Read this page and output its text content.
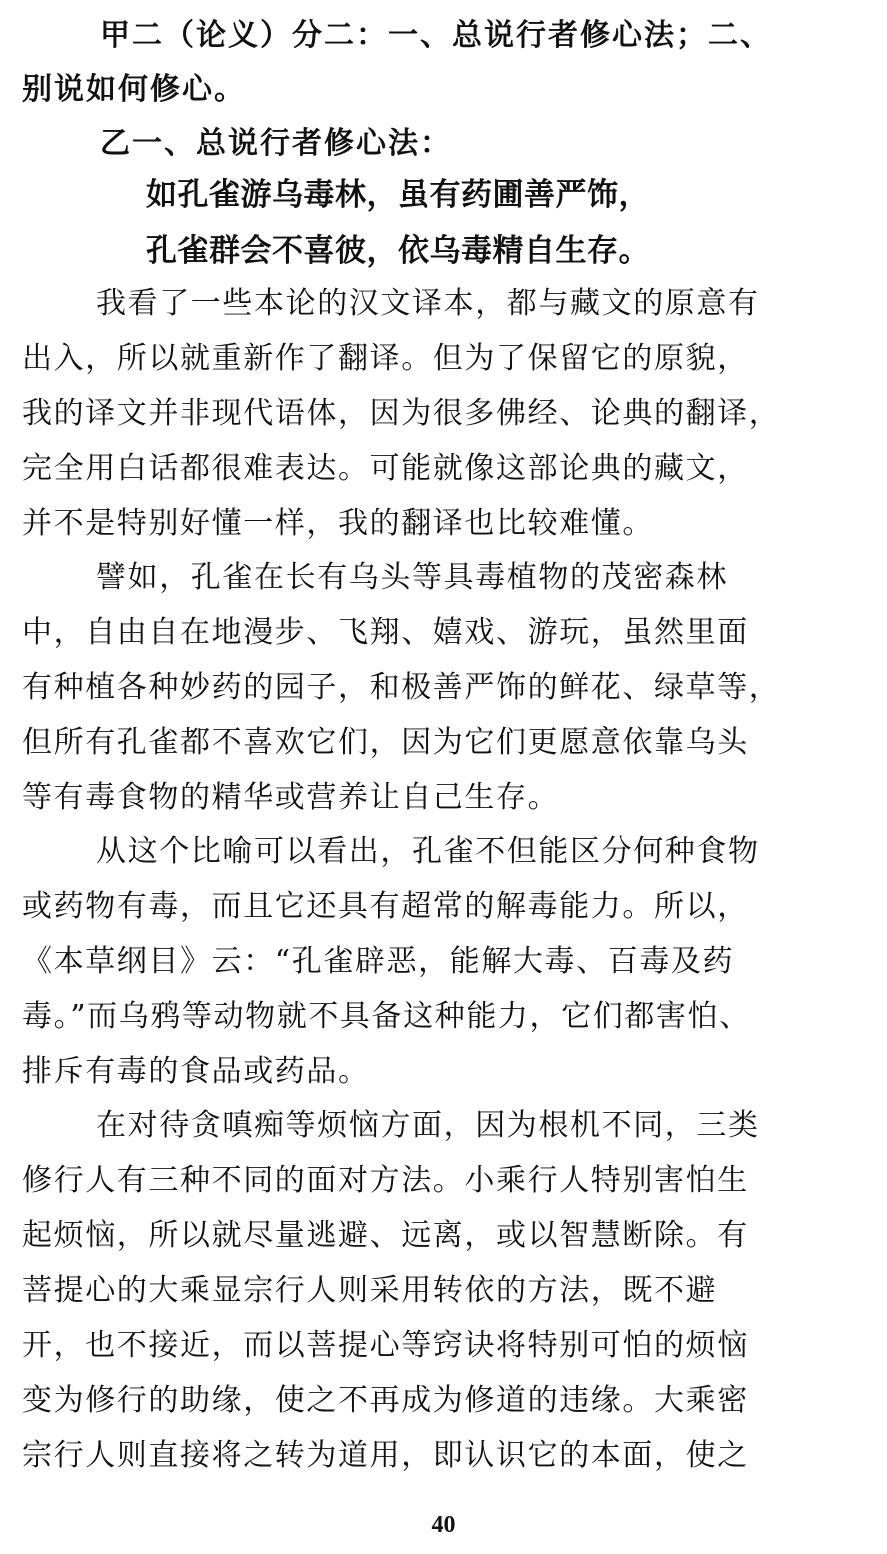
甲二（论义）分二：一、总说行者修心法；二、
别说如何修心。
乙一、总说行者修心法：
如孔雀游乌毒林，虽有药圃善严饰，
孔雀群会不喜彼，依乌毒精自生存。
我看了一些本论的汉文译本，都与藏文的原意有
出入，所以就重新作了翻译。但为了保留它的原貌，
我的译文并非现代语体，因为很多佛经、论典的翻译，
完全用白话都很难表达。可能就像这部论典的藏文，
并不是特别好懂一样，我的翻译也比较难懂。
譬如，孔雀在长有乌头等具毒植物的茂密森林
中，自由自在地漫步、飞翔、嬉戏、游玩，虽然里面
有种植各种妙药的园子，和极善严饰的鲜花、绿草等，
但所有孔雀都不喜欢它们，因为它们更愿意依靠乌头
等有毒食物的精华或营养让自己生存。
从这个比喻可以看出，孔雀不但能区分何种食物
或药物有毒，而且它还具有超常的解毒能力。所以，
《本草纲目》云：“孔雀辟恶，能解大毒、百毒及药
毒。”而乌鸦等动物就不具备这种能力，它们都害怕、
排斥有毒的食品或药品。
在对待贪嗔痴等烦恼方面，因为根机不同，三类
修行人有三种不同的面对方法。小乘行人特别害怕生
起烦恼，所以就尽量逃避、远离，或以智慧断除。有
菩提心的大乘显宗行人则采用转依的方法，既不避
开，也不接近，而以菩提心等窍诀将特别可怕的烦恼
变为修行的助缘，使之不再成为修道的违缘。大乘密
宗行人则直接将之转为道用，即认识它的本面，使之
40
